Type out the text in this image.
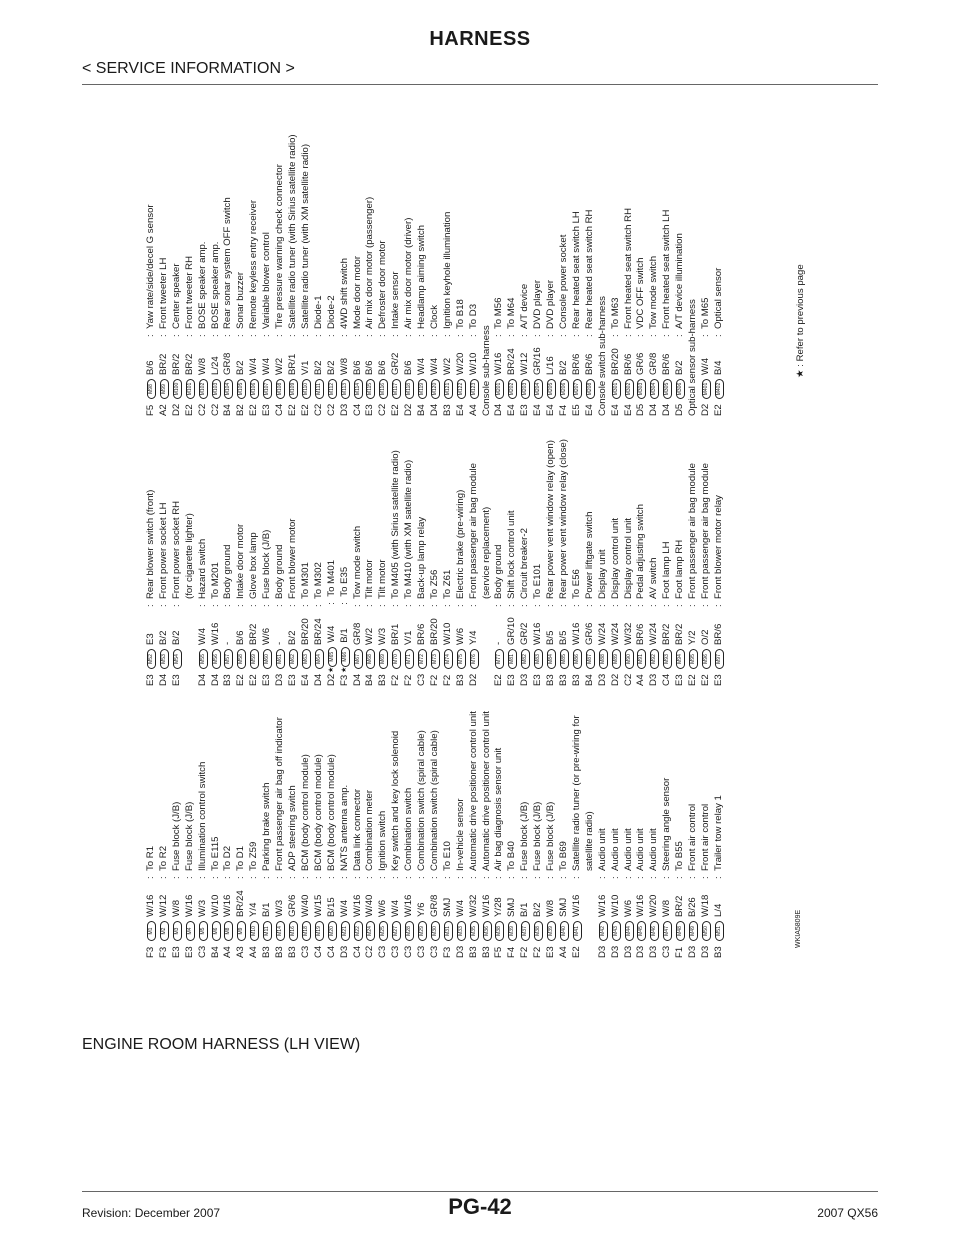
HARNESS
< SERVICE INFORMATION >
F3
M1
W/16
:
To R1
F3
M2
W/12
:
To R2
E3
M3
W/8
:
Fuse block (J/B)
E3
M4
W/16
:
Fuse block (J/B)
C3
M5
W/3
:
Illumination control switch
B4
M6
W/10
:
To E115
A4
M8
W/16
:
To D2
A3
M9
BR/24
:
To D1
A4
M10
Y/4
:
To Z59
B3
M11
B/1
:
Parking brake switch
B3
M14
W/3
:
Front passenger air bag off indicator
B3
M16
GR/6
:
ADP steering switch
C3
M18
W/40
:
BCM (body control module)
C4
M19
W/15
:
BCM (body control module)
C4
M20
B/15
:
BCM (body control module)
D3
M21
W/4
:
NATS antenna amp.
C4
M22
W/16
:
Data link connector
C2
M24
W/40
:
Combination meter
C3
M25
W/6
:
Ignition switch
C3
M27
W/4
:
Key switch and key lock solenoid
C3
M28
W/16
:
Combination switch
C3
M29
Y/6
:
Combination switch (spiral cable)
C3
M30
GR/8
:
Combination switch (spiral cable)
F3
M31
SMJ
:
To E10
D3
M33
W/4
:
In-vehicle sensor
B3
M35
W/32
:
Automatic drive positioner control unit
B3
M36
W/16
:
Automatic drive positioner control unit
F5
M38
Y/28
:
Air bag diagnosis sensor unit
F4
M39
SMJ
:
To B40
F2
M37
B/1
:
Fuse block (J/B)
F2
M38
B/2
:
Fuse block (J/B)
E3
M39
W/8
:
Fuse block (J/B)
A4
M40
SMJ
:
To B69
E2
M41
W/16
:
Satellite radio tuner (or pre-wiring for satellite radio)
D3
M42
W/16
:
Audio unit
D3
M43
W/10
:
Audio unit
D3
M44
W/6
:
Audio unit
D3
M45
W/16
:
Audio unit
D3
M46
W/20
:
Audio unit
C3
M47
W/8
:
Steering angle sensor
F1
M48
BR/2
:
To B55
D3
M49
B/26
:
Front air control
D3
M50
W/18
:
Front air control
B3
M51
L/4
:
Trailer tow relay 1
E3
M52
E3
:
Rear blower switch (front)
D4
M53
B/2
:
Front power socket LH
E3
M54
B/2
:
Front power socket RH (for cigarette lighter)
D4
M55
W/4
:
Hazard switch
D4
M56
W/16
:
To M201
B3
M57
-
:
Body ground
E2
M58
B/6
:
Intake door motor
E2
M59
BR/2
:
Glove box lamp
E3
M60
W/6
:
Fuse block (J/B)
D3
M61
-
:
Body ground
E3
M62
B/2
:
Front blower motor
E4
M63
BR/20
:
To M301
D4
M64
BR/24
:
To M302
D2
★
M65
W/4
:
To M401
F3
★
M66
B/1
:
To E35
D4
M67
GR/8
:
Tow mode switch
B4
M68
W/2
:
Tilt motor
B3
M69
W/3
:
Tilt motor
F2
M70
BR/1
:
To M405 (with Sirius satellite radio)
F2
M71
V/1
:
To M410 (with XM satellite radio)
C3
M72
BR/6
:
Back-up lamp relay
F2
M73
BR/20
:
To Z56
F2
M74
W/10
:
To Z61
B3
M75
W/6
:
Electric brake (pre-wiring)
D2
M76
Y/4
:
Front passenger air bag module (service replacement)
E2
M77
-
:
Body ground
E3
M81
GR/10
:
Shift lock control unit
D3
M82
GR/2
:
Circuit breaker-2
E3
M83
W/16
:
To E101
B3
M84
B/5
:
Rear power vent window relay (open)
B3
M85
B/5
:
Rear power vent window relay (close)
B3
M86
W/16
:
To E56
B4
M87
GR/6
:
Power liftgate switch
D3
M88
W/24
:
Display unit
D2
M89
W/24
:
Display control unit
C2
M90
W/32
:
Display control unit
A4
M91
BR/6
:
Pedal adjusting switch
D3
M92
W/24
:
AV switch
C4
M93
BR/2
:
Foot lamp LH
E3
M94
BR/2
:
Foot lamp RH
E2
M95
Y/2
:
Front passenger air bag module
E2
M96
O/2
:
Front passenger air bag module
E3
M97
BR/6
:
Front blower motor relay
F5
M98
B/6
:
Yaw rate/side/decel G sensor
A2
M99
BR/2
:
Front tweeter LH
D2
M100
BR/2
:
Center speaker
E2
M101
BR/2
:
Front tweeter RH
C2
M102
W/8
:
BOSE speaker amp.
C2
M103
L/24
:
BOSE speaker amp.
B4
M104
GR/8
:
Rear sonar system OFF switch
B2
M105
B/2
:
Sonar buzzer
E2
M106
W/4
:
Remote keyless entry receiver
E3
M107
W/4
:
Variable blower control
C4
M108
W/2
:
Tire pressure warning check connector
E2
M109
BR/1
:
Satellite radio tuner (with Sirius satellite radio)
E2
M110
V/1
:
Satellite radio tuner (with XM satellite radio)
C2
M111
B/2
:
Diode-1
C2
M112
B/2
:
Diode-2
D3
M113
W/8
:
4WD shift switch
C4
M114
B/6
:
Mode door motor
E3
M115
B/6
:
Air mix door motor (passenger)
C2
M116
B/6
:
Defroster door motor
E2
M117
GR/2
:
Intake sensor
D2
M118
B/6
:
Air mix door motor (driver)
B4
M119
W/4
:
Headlamp aiming switch
D4
M120
W/4
:
Clock
B3
M121
W/2
:
Ignition keyhole illumination
E4
M122
W/20
:
To B18
A4
M123
W/10
:
To D3
Console sub-harness D4
M201
W/16
:
To M56
E4
M202
BR/24
:
To M64
E3
M203
W/12
:
A/T device
E4
M204
GR/16
:
DVD player
E4
M205
L/16
:
DVD player
F4
M206
B/2
:
Console power socket
E5
M207
BR/6
:
Rear heated seat switch LH
E4
M208
BR/6
:
Rear heated seat switch RH
Console switch sub-harness E4
M301
BR/20
:
To M63
E4
M302
BR/6
:
Front heated seat switch RH
D5
M303
GR/6
:
VDC OFF switch
D4
M304
GR/8
:
Tow mode switch
D4
M305
BR/6
:
Front heated seat switch LH
D5
M306
B/2
:
A/T device illumination
Optical sensor sub-harness D2
M401
W/4
:
To M65
E2
M402
B/4
:
Optical sensor
WKIA5809E
★ : Refer to previous page
ENGINE ROOM HARNESS (LH VIEW)
PG-42
Revision: December 2007	2007 QX56
